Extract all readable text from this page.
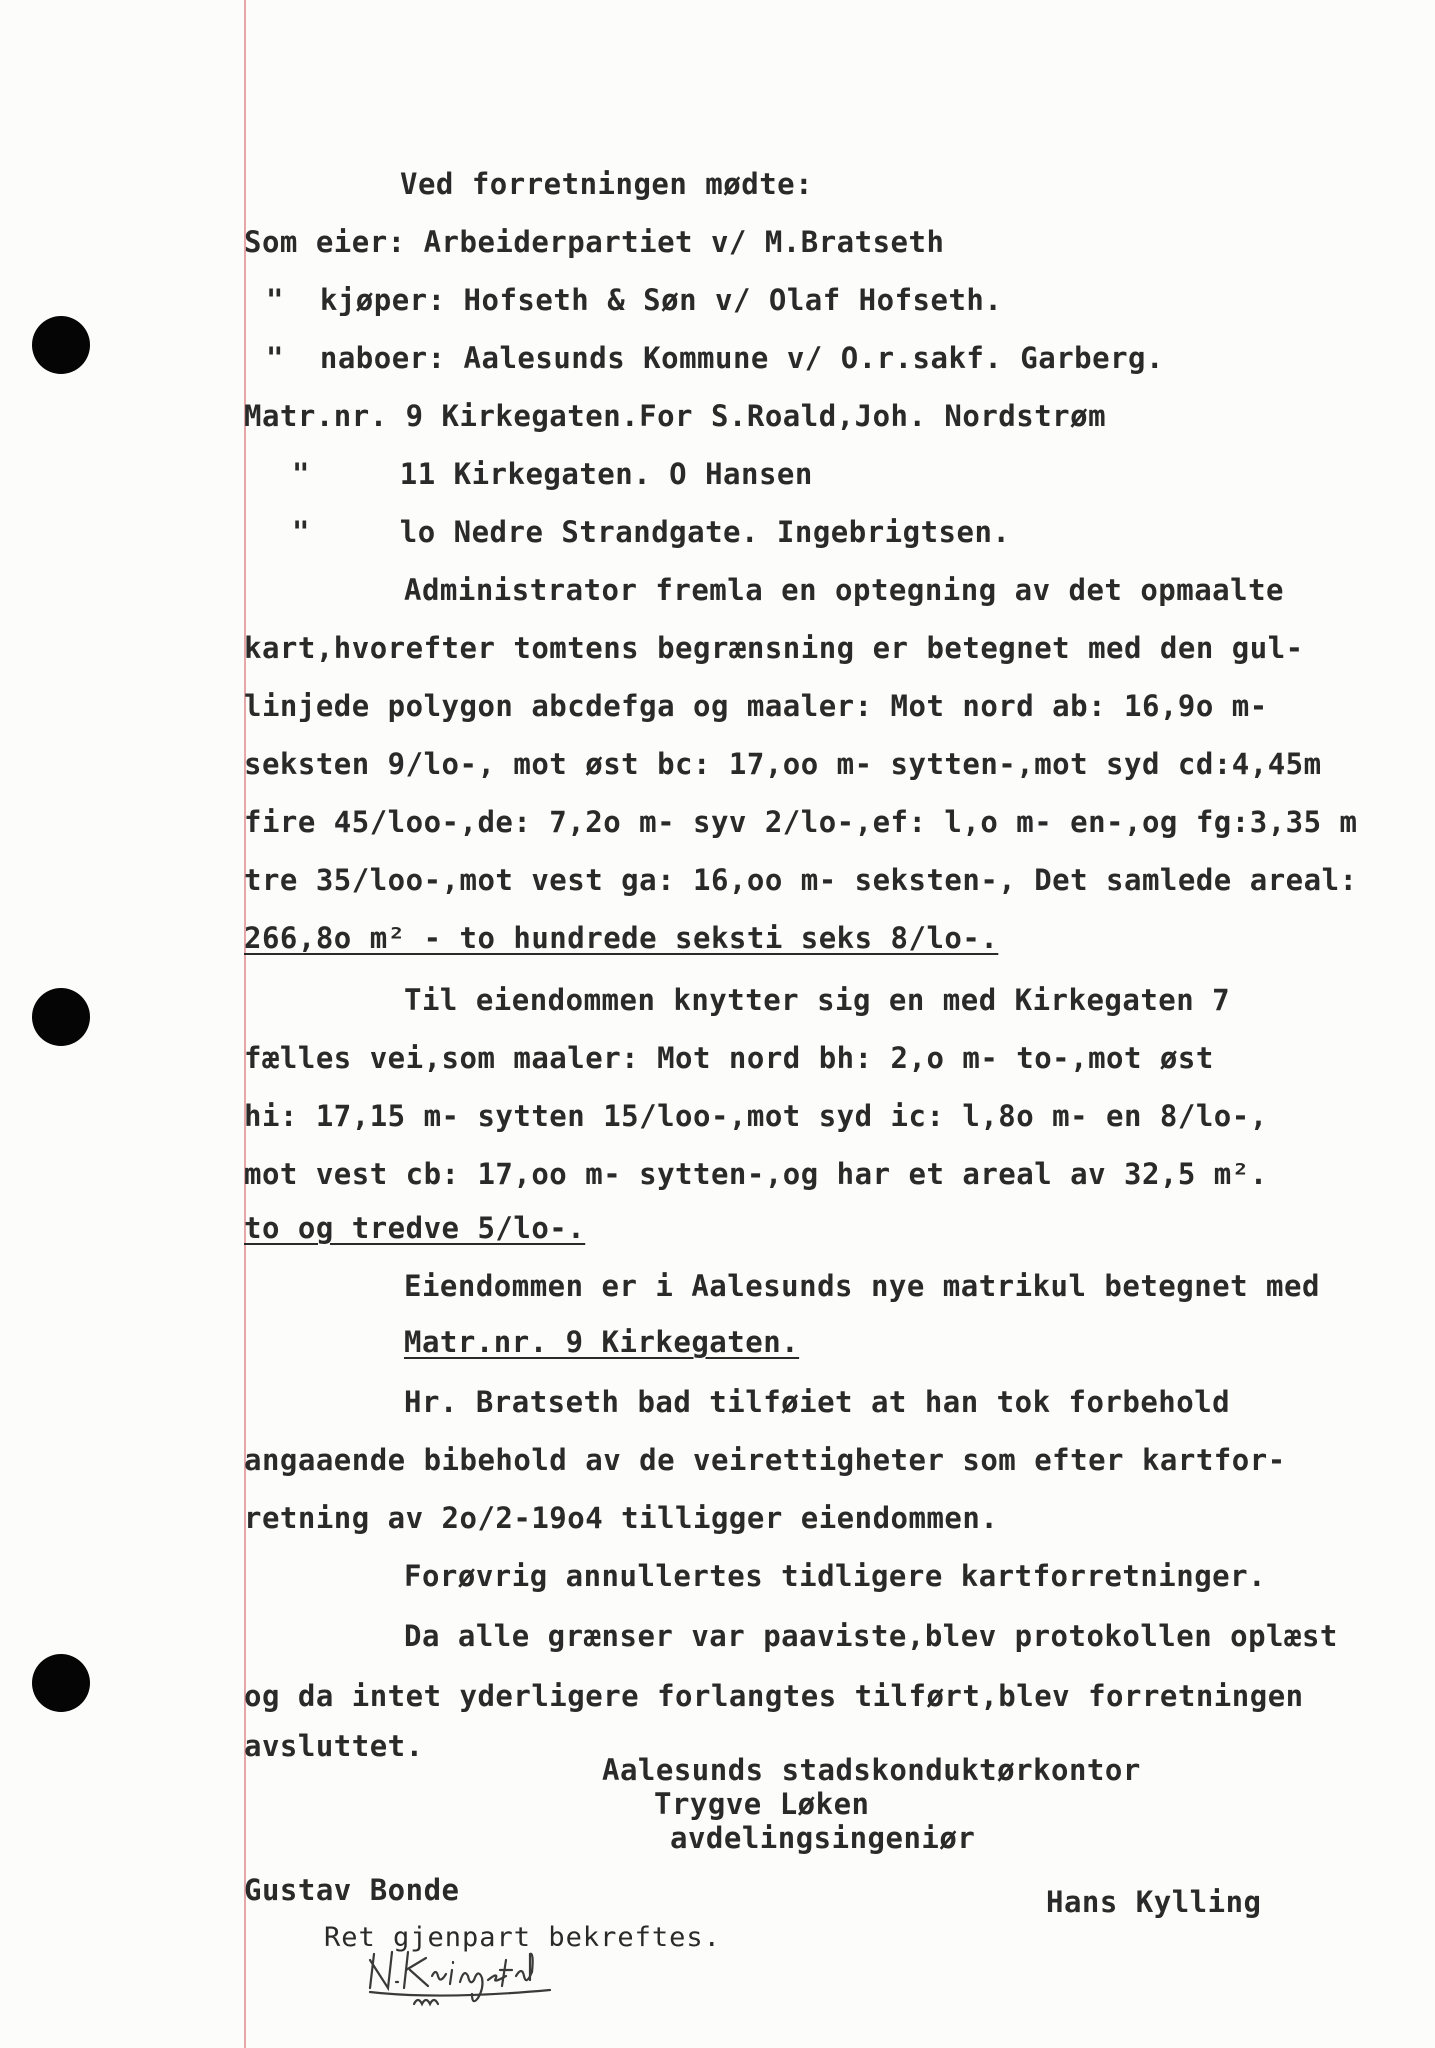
Ved forretningen mødte:
Som eier: Arbeiderpartiet v/ M.Bratseth
"  kjøper: Hofseth & Søn v/ Olaf Hofseth.
"  naboer: Aalesunds Kommune v/ O.r.sakf. Garberg.
Matr.nr. 9 Kirkegaten.For S.Roald,Joh. Nordstrøm
"     11 Kirkegaten. O Hansen
"     lo Nedre Strandgate. Ingebrigtsen.
Administrator fremla en optegning av det opmaalte
kart,hvorefter tomtens begrænsning er betegnet med den gul-
linjede polygon abcdefga og maaler: Mot nord ab: 16,9o m-
seksten 9/lo-, mot øst bc: 17,oo m- sytten-,mot syd cd:4,45m
fire 45/loo-,de: 7,2o m- syv 2/lo-,ef: l,o m- en-,og fg:3,35 m
tre 35/loo-,mot vest ga: 16,oo m- seksten-, Det samlede areal:
266,8o m² - to hundrede seksti seks 8/lo-.
Til eiendommen knytter sig en med Kirkegaten 7
fælles vei,som maaler: Mot nord bh: 2,o m- to-,mot øst
hi: 17,15 m- sytten 15/loo-,mot syd ic: l,8o m- en 8/lo-,
mot vest cb: 17,oo m- sytten-,og har et areal av 32,5 m².
to og tredve 5/lo-.
Eiendommen er i Aalesunds nye matrikul betegnet med
Matr.nr. 9 Kirkegaten.
Hr. Bratseth bad tilføiet at han tok forbehold
angaaende bibehold av de veirettigheter som efter kartfor-
retning av 2o/2-19o4 tilligger eiendommen.
Forøvrig annullertes tidligere kartforretninger.
Da alle grænser var paaviste,blev protokollen oplæst
og da intet yderligere forlangtes tilført,blev forretningen
avsluttet.
Aalesunds stadskonduktørkontor
Trygve Løken
avdelingsingeniør
Gustav Bonde	Hans Kylling
Ret gjenpart bekreftes.
